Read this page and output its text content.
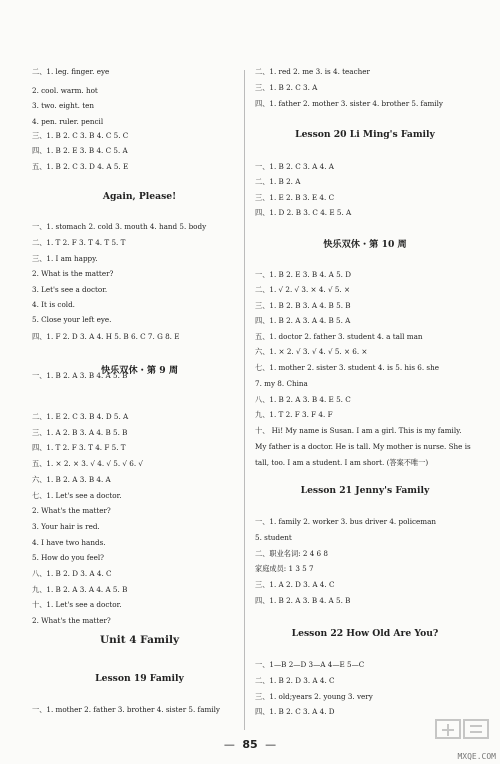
二、1. leg. finger. eye
2. cool. warm. hot
3. two. eight. ten
4. pen. ruler. pencil
三、1. B 2. C 3. B 4. C 5. C
四、1. B 2. E 3. B 4. C 5. A
五、1. B 2. C 3. D 4. A 5. E
Again, Please!
一、1. stomach 2. cold 3. mouth 4. hand 5. body
二、1. T 2. F 3. T 4. T 5. T
三、1. I am happy.
2. What is the matter?
3. Let's see a doctor.
4. It is cold.
5. Close your left eye.
四、1. F 2. D 3. A 4. H 5. B 6. C 7. G 8. E
快乐双休・第 9 周
一、1. B 2. A 3. B 4. A 5. B
二、1. E 2. C 3. B 4. D 5. A
三、1. A 2. B 3. A 4. B 5. B
四、1. T 2. F 3. T 4. F 5. T
五、1. × 2. × 3. √ 4. √ 5. √ 6. √
六、1. B 2. A 3. B 4. A
七、1. Let's see a doctor.
2. What's the matter?
3. Your hair is red.
4. I have two hands.
5. How do you feel?
八、1. B 2. D 3. A 4. C
九、1. B 2. A 3. A 4. A 5. B
十、1. Let's see a doctor.
2. What's the matter?
Unit 4 Family
Lesson 19 Family
一、1. mother 2. father 3. brother 4. sister 5. family
二、1. red 2. me 3. is 4. teacher
三、1. B 2. C 3. A
四、1. father 2. mother 3. sister 4. brother 5. family
Lesson 20 Li Ming's Family
一、1. B 2. C 3. A 4. A
二、1. B 2. A
三、1. E 2. B 3. E 4. C
四、1. D 2. B 3. C 4. E 5. A
快乐双休・第 10 周
一、1. B 2. E 3. B 4. A 5. D
二、1. √ 2. √ 3. × 4. √ 5. ×
三、1. B 2. B 3. A 4. B 5. B
四、1. B 2. A 3. A 4. B 5. A
五、1. doctor 2. father 3. student 4. a tall man
六、1. × 2. √ 3. √ 4. √ 5. × 6. ×
七、1. mother 2. sister 3. student 4. is 5. his 6. she
7. my 8. China
八、1. B 2. A 3. B 4. E 5. C
九、1. T 2. F 3. F 4. F
十、 Hi! My name is Susan. I am a girl. This is my family.
My father is a doctor. He is tall. My mother is nurse. She is
tall, too. I am a student. I am short. (答案不唯一)
Lesson 21 Jenny's Family
一、1. family 2. worker 3. bus driver 4. policeman
5. student
二、职业名词: 2 4 6 8
家庭成员: 1 3 5 7
三、1. A 2. D 3. A 4. C
四、1. B 2. A 3. B 4. A 5. B
Lesson 22 How Old Are You?
一、1—B 2—D 3—A 4—E 5—C
二、1. B 2. D 3. A 4. C
三、1. old;years 2. young 3. very
四、1. B 2. C 3. A 4. D
— 85 —
MXQE.COM
